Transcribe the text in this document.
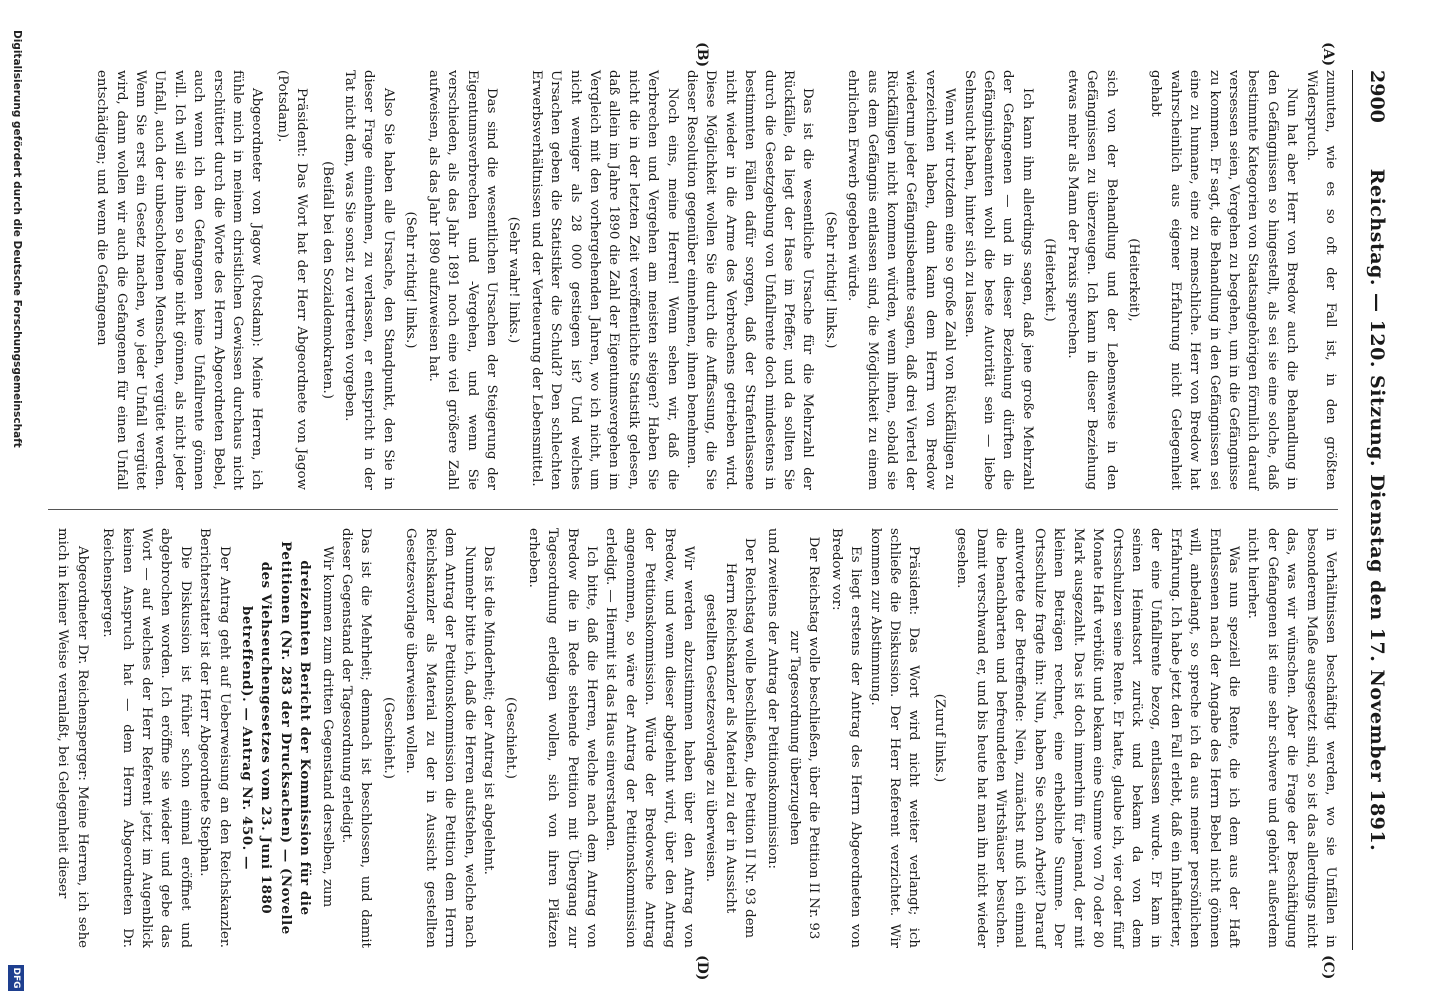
2900
Reichstag. — 120. Sitzung. Dienstag den 17. November 1891.
(A)
(B)
(C)
(D)

zumuten, wie es so oft der Fall ist, in den größten Widerspruch.

Nun hat aber Herr von Bredow auch die Behandlung in den Gefängnissen so hingestellt, als sei sie eine solche, daß bestimmte Kategorien von Staatsangehörigen förmlich darauf versessen seien, Vergehen zu begehen, um in die Gefängnisse zu kommen. Er sagt, die Behandlung in den Gefängnissen sei eine zu humane, eine zu menschliche. Herr von Bredow hat wahrscheinlich aus eigener Erfahrung nicht Gelegenheit gehabt

(Heiterkeit),

sich von der Behandlung und der Lebensweise in den Gefängnissen zu überzeugen. Ich kann in dieser Beziehung etwas mehr als Mann der Praxis sprechen.

(Heiterkeit.)

Ich kann ihm allerdings sagen, daß jene große Mehrzahl der Gefangenen — und in dieser Beziehung dürften die Gefängnisbeamten wohl die beste Autorität sein — liebe Sehnsucht haben, hinter sich zu lassen.

Wenn wir trotzdem eine so große Zahl von Rückfälligen zu verzeichnen haben, dann kann dem Herrn von Bredow wiederum jeder Gefängnisbeamte sagen, daß drei Viertel der Rückfälligen nicht kommen würden, wenn ihnen, sobald sie aus dem Gefängnis entlassen sind, die Möglichkeit zu einem ehrlichen Erwerb gegeben würde.

(Sehr richtig! links.)

Das ist die wesentliche Ursache für die Mehrzahl der Rückfälle, da liegt der Hase im Pfeffer, und da sollten Sie durch die Gesetzgebung von Unfallrente doch mindestens in bestimmten Fällen dafür sorgen, daß der Strafentlassene nicht wieder in die Arme des Verbrechens getrieben wird. Diese Möglichkeit wollen Sie durch die Auffassung, die Sie dieser Resolution gegenüber einnehmen, ihnen benehmen.

Noch eins, meine Herren! Wenn sehen wir, daß die Verbrechen und Vergehen am meisten steigen? Haben Sie nicht die in der letzten Zeit veröffentlichte Statistik gelesen, daß allein im Jahre 1890 die Zahl der Eigentumsvergehen im Vergleich mit den vorhergehenden Jahren, wo ich nicht, um nicht weniger als 28 000 gestiegen ist? Und welches Ursachen geben die Statistiker die Schuld? Den schlechten Erwerbsverhältnissen und der Verteuerung der Lebensmittel.

(Sehr wahr! links.)

Das sind die wesentlichen Ursachen der Steigerung der Eigentumsverbrechen und -Vergehen, und wenn Sie verschieden, als das Jahr 1891 noch eine viel größere Zahl aufweisen, als das Jahr 1890 aufzuweisen hat.

(Sehr richtig! links.)

Also Sie haben alle Ursache, den Standpunkt, den Sie in dieser Frage einnehmen, zu verlassen, er entspricht in der Tat nicht dem, was Sie sonst zu vertreten vorgeben.

(Beifall bei den Sozialdemokraten.)

Präsident: Das Wort hat der Herr Abgeordnete von Jagow (Potsdam).

Abgeordneter von Jagow (Potsdam): Meine Herren, ich fühle mich in meinem christlichen Gewissen durchaus nicht erschüttert durch die Worte des Herrn Abgeordneten Bebel, auch wenn ich den Gefangenen keine Unfallrente gönnen will. Ich will sie ihnen so lange nicht gönnen, als nicht jeder Unfall, auch der unbescholtenen Menschen, vergütet werden. Wenn Sie erst ein Gesetz machen, wo jeder Unfall vergütet wird, dann wollen wir auch die Gefangenen für einen Unfall entschädigen; und wenn die Gefangenen

in Verhältnissen beschäftigt werden, wo sie Unfällen in besonderem Maße ausgesetzt sind, so ist das allerdings nicht das, was wir wünschen. Aber die Frage der Beschäftigung der Gefangenen ist eine sehr schwere und gehört außerdem nicht hierher.

Was nun speziell die Rente, die ich dem aus der Haft Entlassenen nach der Angabe des Herrn Bebel nicht gönnen will, anbelangt, so spreche ich da aus meiner persönlichen Erfahrung. Ich habe jetzt den Fall erlebt, daß ein Inhaftierter, der eine Unfallrente bezog, entlassen wurde. Er kam in seinen Heimatsort zurück und bekam da von dem Ortsschulzen seine Rente. Er hatte, glaube ich, vier oder fünf Monate Haft verbüßt und bekam eine Summe von 70 oder 80 Mark ausgezahlt. Das ist doch immerhin für jemand, der mit kleinen Beträgen rechnet, eine erhebliche Summe. Der Ortsschulze fragte ihn: Nun, haben Sie schon Arbeit? Darauf antwortete der Betreffende: Nein, zunächst muß ich einmal die benachbarten und befreundeten Wirtshäuser besuchen. Damit verschwand er, und bis heute hat man ihn nicht wieder gesehen.

(Zuruf links.)

Präsident: Das Wort wird nicht weiter verlangt; ich schließe die Diskussion. Der Herr Referent verzichtet. Wir kommen zur Abstimmung.

Es liegt erstens der Antrag des Herrn Abgeordneten von Bredow vor:

Der Reichstag wolle beschließen, über die Petition II Nr. 93 zur Tagesordnung überzugehen

und zweitens der Antrag der Petitionskommission:

Der Reichstag wolle beschließen, die Petition II Nr. 93 dem Herrn Reichskanzler als Material zu der in Aussicht gestellten Gesetzesvorlage zu überweisen.

Wir werden abzustimmen haben über den Antrag von Bredow, und wenn dieser abgelehnt wird, über den Antrag der Petitionskommission. Würde der Bredowsche Antrag angenommen, so wäre der Antrag der Petitionskommission erledigt. — Hiermit ist das Haus einverstanden.

Ich bitte, daß die Herren, welche nach dem Antrag von Bredow die in Rede stehende Petition mit Übergang zur Tagesordnung erledigen wollen, sich von ihren Plätzen erheben.

(Geschieht.)

Das ist die Minderheit; der Antrag ist abgelehnt.

Nunmehr bitte ich, daß die Herren aufstehen, welche nach dem Antrag der Petitionskommission die Petition dem Herrn Reichskanzler als Material zu der in Aussicht gestellten Gesetzesvorlage überweisen wollen.

(Geschieht.)

Das ist die Mehrheit; demnach ist beschlossen, und damit dieser Gegenstand der Tagesordnung erledigt.

Wir kommen zum dritten Gegenstand derselben, zum

dreizehnten Bericht der Kommission für die Petitionen (Nr. 283 der Drucksachen) — (Novelle des Viehseuchengesetzes vom 23. Juni 1880 betreffend). — Antrag Nr. 450. —

Der Antrag geht auf Ueberweisung an den Reichskanzler. Berichterstatter ist der Herr Abgeordnete Stephan.

Die Diskussion ist früher schon einmal eröffnet und abgebrochen worden. Ich eröffne sie wieder und gebe das Wort — auf welches der Herr Referent jetzt im Augenblick keinen Anspruch hat — dem Herrn Abgeordneten Dr. Reichensperger.

Abgeordneter Dr. Reichensperger: Meine Herren, ich sehe mich in keiner Weise veranlaßt, bei Gelegenheit dieser

Digitalisierung gefördert durch die Deutsche Forschungsgemeinschaft
DFG
